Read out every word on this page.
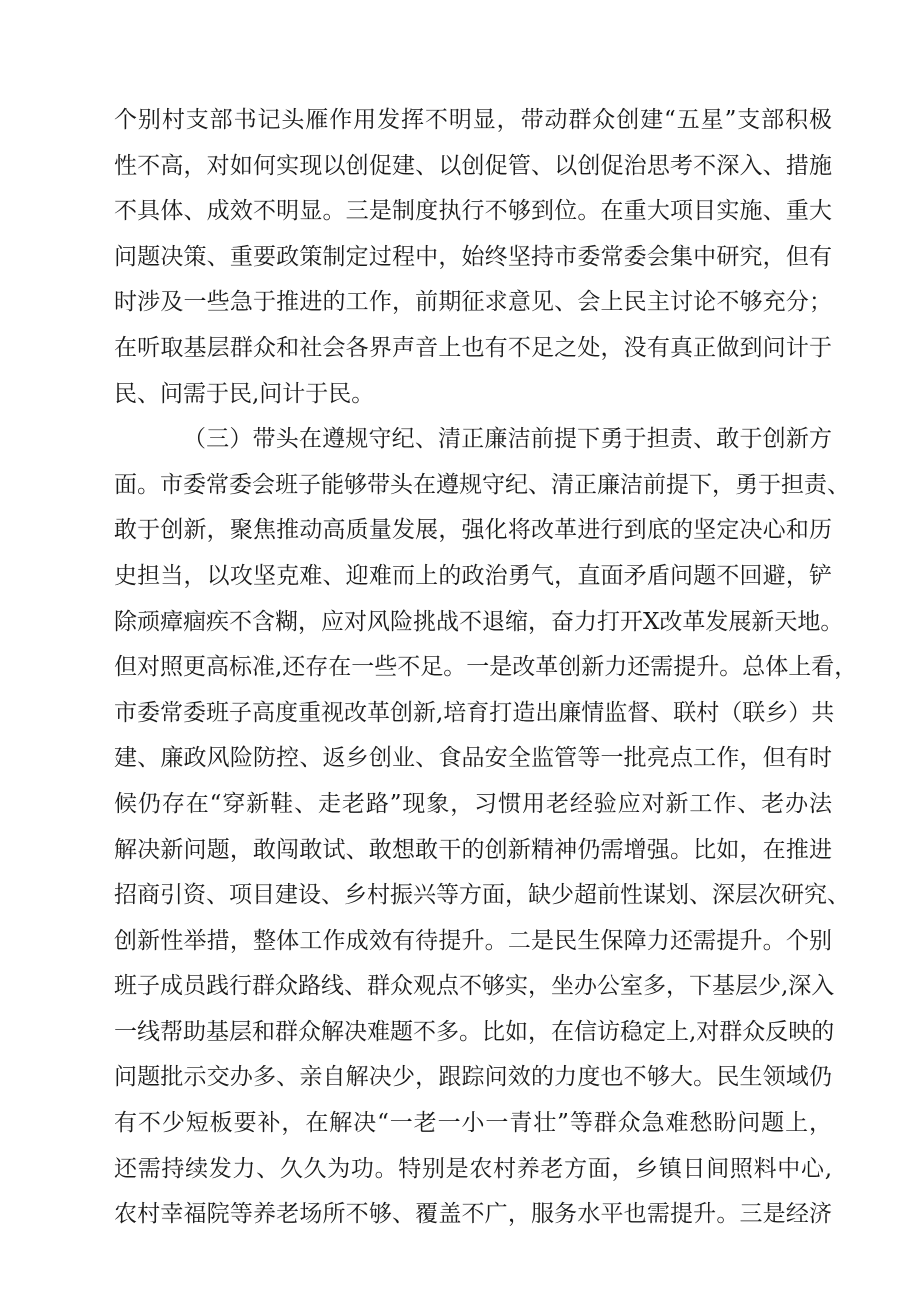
个别村支部书记头雁作用发挥不明显，带动群众创建“五星”支部积极
性不高，对如何实现以创促建、以创促管、以创促治思考不深入、措施
不具体、成效不明显。三是制度执行不够到位。在重大项目实施、重大
问题决策、重要政策制定过程中，始终坚持市委常委会集中研究，但有
时涉及一些急于推进的工作，前期征求意见、会上民主讨论不够充分；
在听取基层群众和社会各界声音上也有不足之处，没有真正做到问计于
民、问需于民,问计于民。
（三）带头在遵规守纪、清正廉洁前提下勇于担责、敢于创新方
面。市委常委会班子能够带头在遵规守纪、清正廉洁前提下，勇于担责、
敢于创新，聚焦推动高质量发展，强化将改革进行到底的坚定决心和历
史担当，以攻坚克难、迎难而上的政治勇气，直面矛盾问题不回避，铲
除顽瘴痼疾不含糊，应对风险挑战不退缩，奋力打开X改革发展新天地。
但对照更高标准,还存在一些不足。一是改革创新力还需提升。总体上看，
市委常委班子高度重视改革创新,培育打造出廉情监督、联村（联乡）共
建、廉政风险防控、返乡创业、食品安全监管等一批亮点工作，但有时
候仍存在“穿新鞋、走老路”现象，习惯用老经验应对新工作、老办法
解决新问题，敢闯敢试、敢想敢干的创新精神仍需增强。比如，在推进
招商引资、项目建设、乡村振兴等方面，缺少超前性谋划、深层次研究、
创新性举措，整体工作成效有待提升。二是民生保障力还需提升。个别
班子成员践行群众路线、群众观点不够实，坐办公室多，下基层少,深入
一线帮助基层和群众解决难题不多。比如，在信访稳定上,对群众反映的
问题批示交办多、亲自解决少，跟踪问效的力度也不够大。民生领域仍
有不少短板要补，在解决“一老一小一青壮”等群众急难愁盼问题上，
还需持续发力、久久为功。特别是农村养老方面，乡镇日间照料中心,
农村幸福院等养老场所不够、覆盖不广，服务水平也需提升。三是经济
